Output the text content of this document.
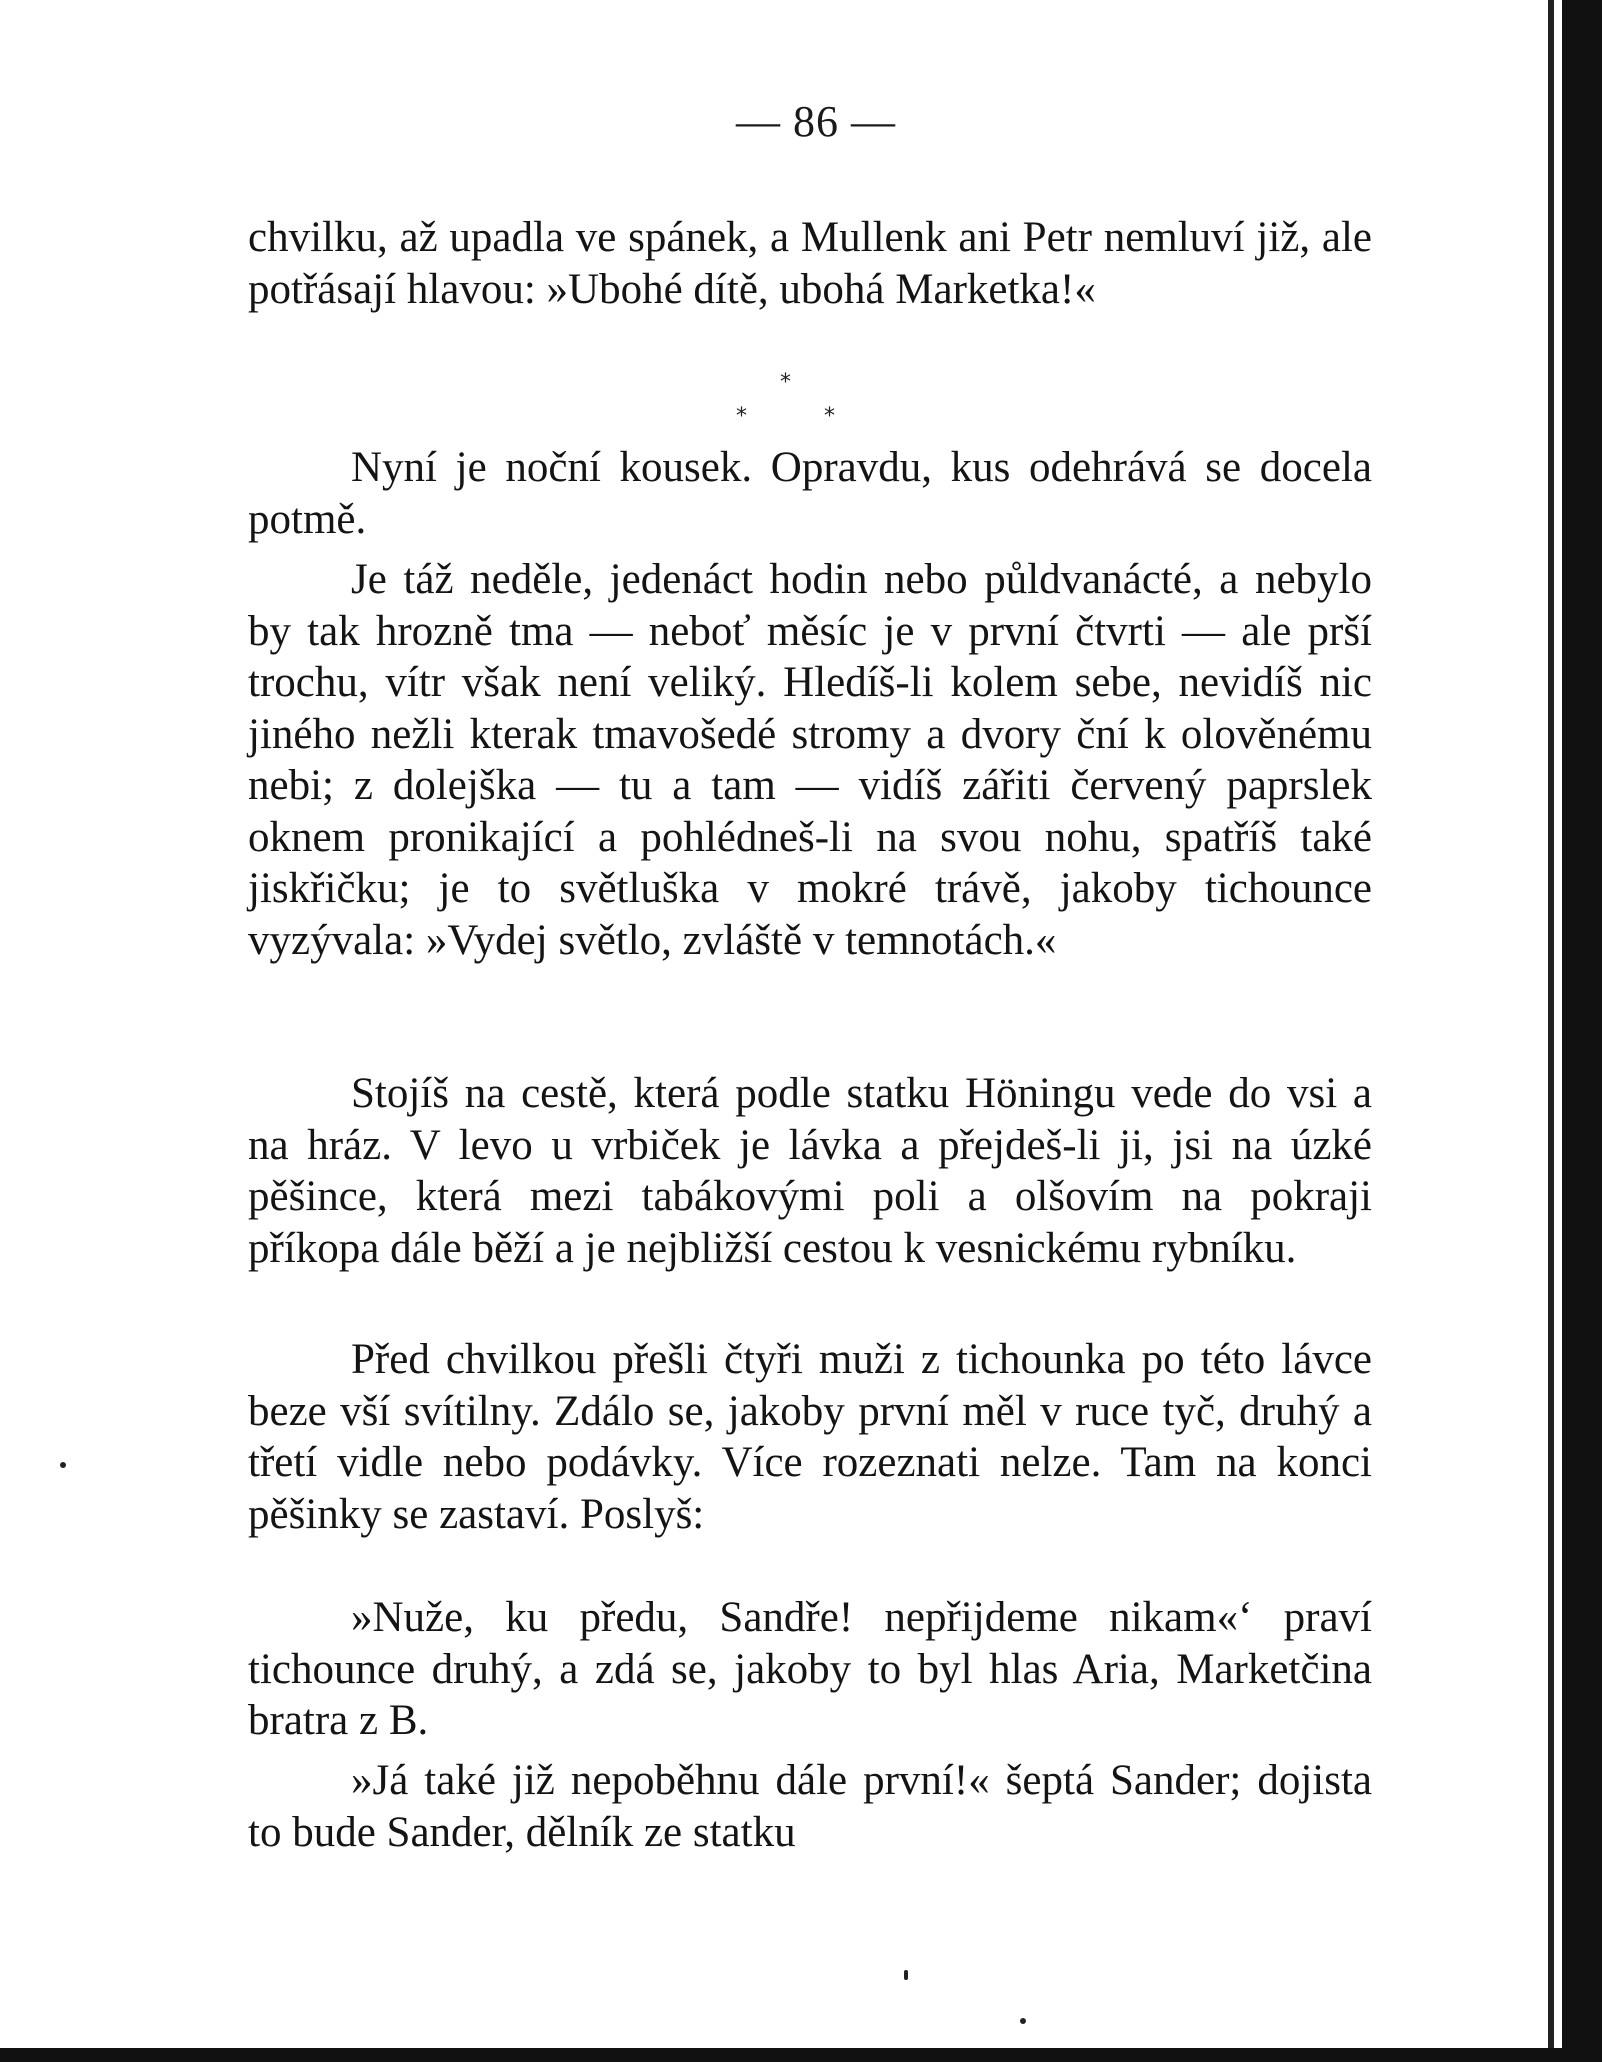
— 86 —

chvilku, až upadla ve spánek, a Mullenk ani Petr nemluví již, ale potřásají hlavou: »Ubohé dítě, ubohá Marketka!«

*
*	*

Nyní je noční kousek. Opravdu, kus odehrává se docela potmě.

Je táž neděle, jedenáct hodin nebo půldvanácté, a nebylo by tak hrozně tma — neboť měsíc je v první čtvrti — ale prší trochu, vítr však není veliký. Hledíš-li kolem sebe, nevidíš nic jiného nežli kterak tmavošedé stromy a dvory ční k olověnému nebi; z dolejška — tu a tam — vidíš zářiti červený paprslek oknem pronikající a pohlédneš-li na svou nohu, spatříš také jiskřičku; je to světluška v mokré trávě, jakoby tichounce vyzývala: »Vydej světlo, zvláště v temnotách.«

Stojíš na cestě, která podle statku Höningu vede do vsi a na hráz. V levo u vrbiček je lávka a přejdeš-li ji, jsi na úzké pěšince, která mezi tabákovými poli a olšovím na pokraji příkopa dále běží a je nejbližší cestou k vesnickému rybníku.

Před chvilkou přešli čtyři muži z tichounka po této lávce beze vší svítilny. Zdálo se, jakoby první měl v ruce tyč, druhý a třetí vidle nebo podávky. Více rozeznati nelze. Tam na konci pěšinky se zastaví. Poslyš:

»Nuže, ku předu, Sandře! nepřijdeme nikam«‘ praví tichounce druhý, a zdá se, jakoby to byl hlas Aria, Marketčina bratra z B.

»Já také již nepoběhnu dále první!« šeptá Sander; dojista to bude Sander, dělník ze statku
